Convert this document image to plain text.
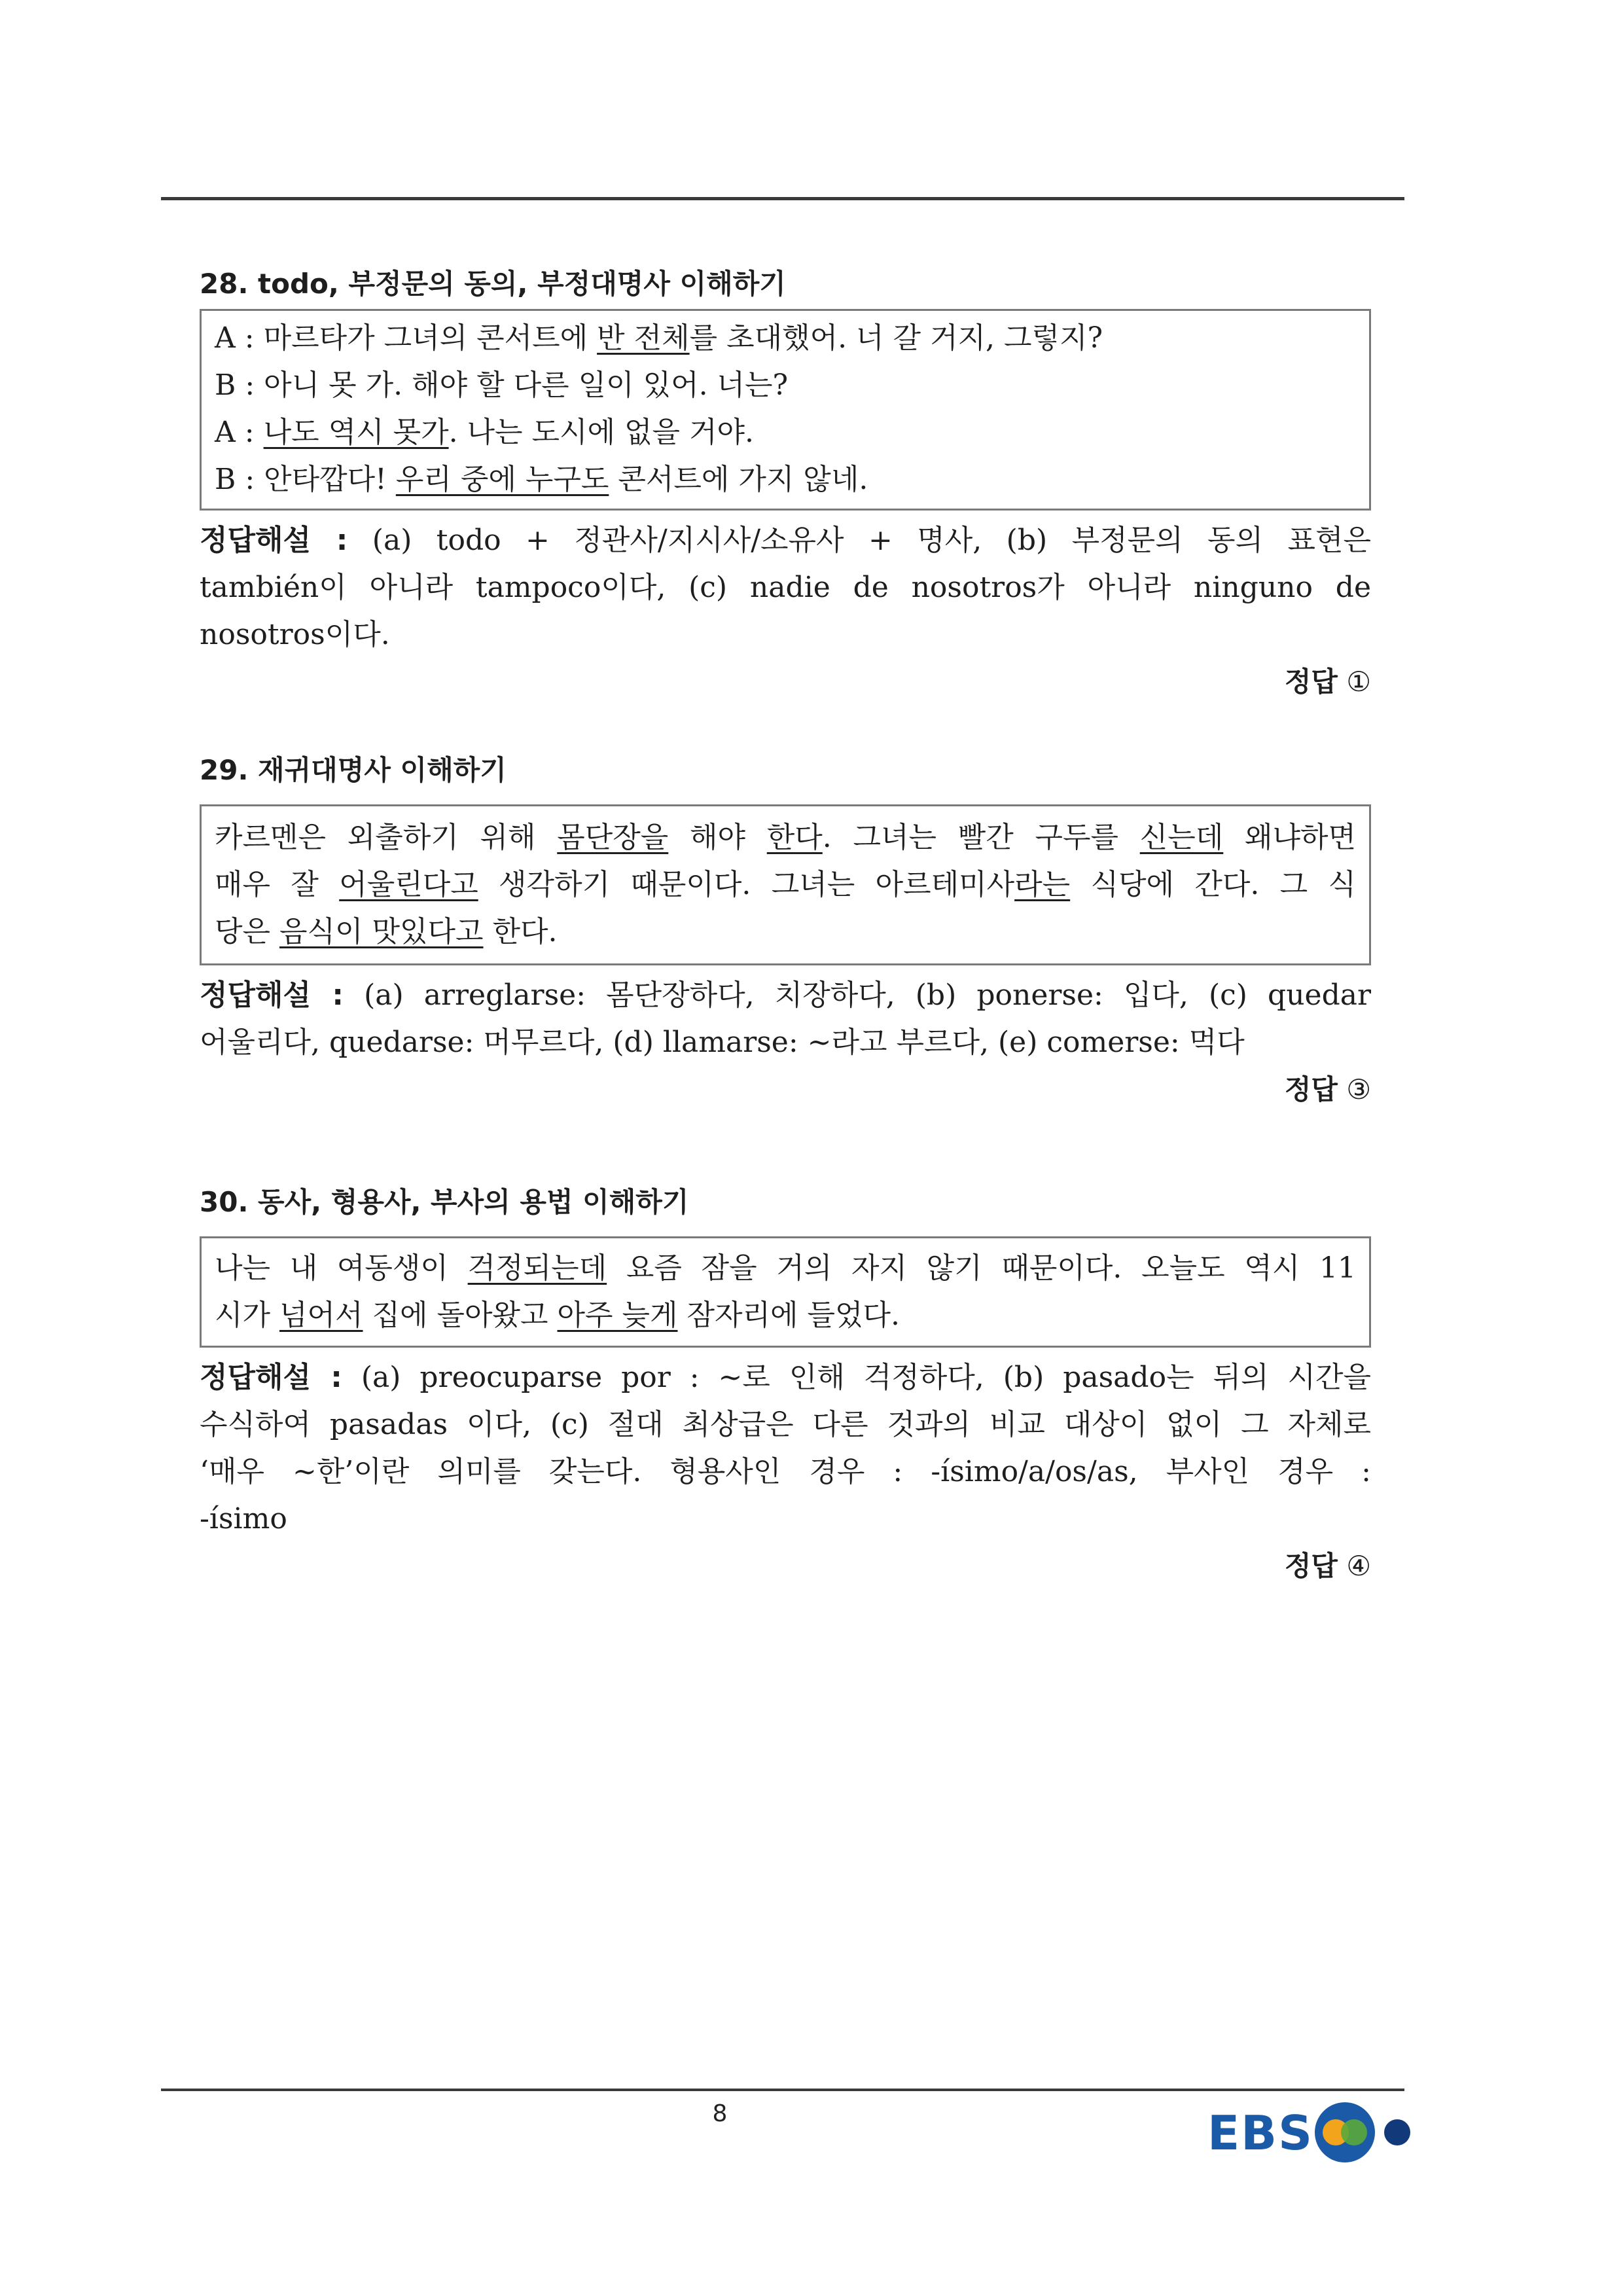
28. todo, 부정문의 동의, 부정대명사 이해하기
A : 마르타가 그녀의 콘서트에 반 전체를 초대했어. 너 갈 거지, 그렇지?
B : 아니 못 가. 해야 할 다른 일이 있어. 너는?
A : 나도 역시 못가. 나는 도시에 없을 거야.
B : 안타깝다! 우리 중에 누구도 콘서트에 가지 않네.
정답해설 : (a) todo + 정관사/지시사/소유사 + 명사, (b) 부정문의 동의 표현은
también이 아니라 tampoco이다, (c) nadie de nosotros가 아니라 ninguno de
nosotros이다.
정답 ①
29. 재귀대명사 이해하기
카르멘은 외출하기 위해 몸단장을 해야 한다. 그녀는 빨간 구두를 신는데 왜냐하면
매우 잘 어울린다고 생각하기 때문이다. 그녀는 아르테미사라는 식당에 간다. 그 식
당은 음식이 맛있다고 한다.
정답해설 : (a) arreglarse: 몸단장하다, 치장하다, (b) ponerse: 입다, (c) quedar
어울리다, quedarse: 머무르다, (d) llamarse: ~라고 부르다, (e) comerse: 먹다
정답 ③
30. 동사, 형용사, 부사의 용법 이해하기
나는 내 여동생이 걱정되는데 요즘 잠을 거의 자지 않기 때문이다. 오늘도 역시 11
시가 넘어서 집에 돌아왔고 아주 늦게 잠자리에 들었다.
정답해설 : (a) preocuparse por : ~로 인해 걱정하다, (b) pasado는 뒤의 시간을
수식하여 pasadas 이다, (c) 절대 최상급은 다른 것과의 비교 대상이 없이 그 자체로
‘매우 ~한’이란 의미를 갖는다. 형용사인 경우 : -ísimo/a/os/as, 부사인 경우 :
-ísimo
정답 ④
8	EBS
